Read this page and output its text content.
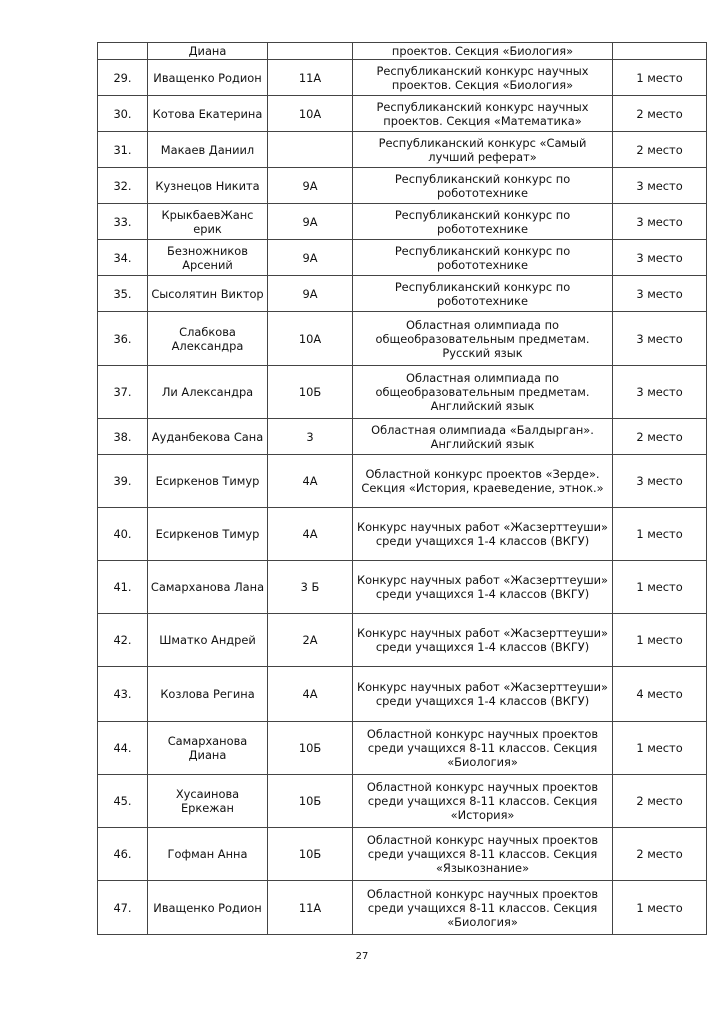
	Диана		проектов. Секция «Биология»	
29.	Иващенко Родион	11А	Республиканский конкурс научных проектов. Секция «Биология»	1 место
30.	Котова Екатерина	10А	Республиканский конкурс научных проектов. Секция «Математика»	2 место
31.	Макаев Даниил		Республиканский конкурс «Самый лучший реферат»	2 место
32.	Кузнецов Никита	9А	Республиканский конкурс по робототехнике	3 место
33.	КрыкбаевЖанс ерик	9А	Республиканский конкурс по робототехнике	3 место
34.	Безножников Арсений	9А	Республиканский конкурс по робототехнике	3 место
35.	Сысолятин Виктор	9А	Республиканский конкурс по робототехнике	3 место
36.	Слабкова Александра	10А	Областная олимпиада по общеобразовательным предметам. Русский язык	3 место
37.	Ли Александра	10Б	Областная олимпиада по общеобразовательным предметам. Английский язык	3 место
38.	Ауданбекова Сана	3	Областная олимпиада «Балдырган». Английский язык	2 место
39.	Есиркенов Тимур	4А	Областной конкурс проектов «Зерде». Секция «История, краеведение, этнок.»	3 место
40.	Есиркенов Тимур	4А	Конкурс научных работ «Жасзерттеуши» среди учащихся 1-4 классов (ВКГУ)	1 место
41.	Самарханова Лана	3 Б	Конкурс научных работ «Жасзерттеуши» среди учащихся 1-4 классов (ВКГУ)	1 место
42.	Шматко Андрей	2А	Конкурс научных работ «Жасзерттеуши» среди учащихся 1-4 классов (ВКГУ)	1 место
43.	Козлова Регина	4А	Конкурс научных работ «Жасзерттеуши» среди учащихся 1-4 классов (ВКГУ)	4 место
44.	Самарханова Диана	10Б	Областной конкурс научных проектов среди учащихся 8-11 классов. Секция «Биология»	1 место
45.	Хусаинова Еркежан	10Б	Областной конкурс научных проектов среди учащихся 8-11 классов. Секция «История»	2 место
46.	Гофман Анна	10Б	Областной конкурс научных проектов среди учащихся 8-11 классов. Секция «Языкознание»	2 место
47.	Иващенко Родион	11А	Областной конкурс научных проектов среди учащихся 8-11 классов. Секция «Биология»	1 место
27
